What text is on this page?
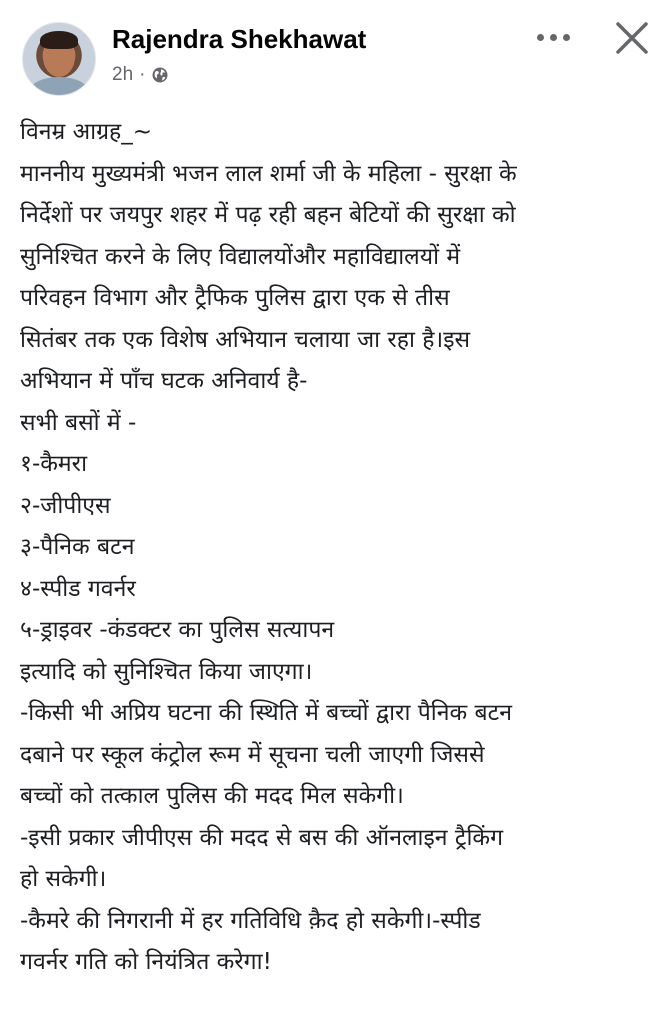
Rajendra Shekhawat
2h ·
विनम्र आग्रह_~
माननीय मुख्यमंत्री भजन लाल शर्मा जी के महिला - सुरक्षा के
निर्देशों पर जयपुर शहर में पढ़ रही बहन बेटियों की सुरक्षा को
सुनिश्चित करने के लिए विद्यालयोंऔर महाविद्यालयों में
परिवहन विभाग और ट्रैफिक पुलिस द्वारा एक से तीस
सितंबर तक एक विशेष अभियान चलाया जा रहा है।इस
अभियान में पाँच घटक अनिवार्य है-
सभी बसों में -
१-कैमरा
२-जीपीएस
३-पैनिक बटन
४-स्पीड गवर्नर
५-ड्राइवर -कंडक्टर का पुलिस सत्यापन
इत्यादि को सुनिश्चित किया जाएगा।
-किसी भी अप्रिय घटना की स्थिति में बच्चों द्वारा पैनिक बटन
दबाने पर स्कूल कंट्रोल रूम में सूचना चली जाएगी जिससे
बच्चों को तत्काल पुलिस की मदद मिल सकेगी।
-इसी प्रकार जीपीएस की मदद से बस की ऑनलाइन ट्रैकिंग
हो सकेगी।
-कैमरे की निगरानी में हर गतिविधि क़ैद हो सकेगी।-स्पीड
गवर्नर गति को नियंत्रित करेगा!
